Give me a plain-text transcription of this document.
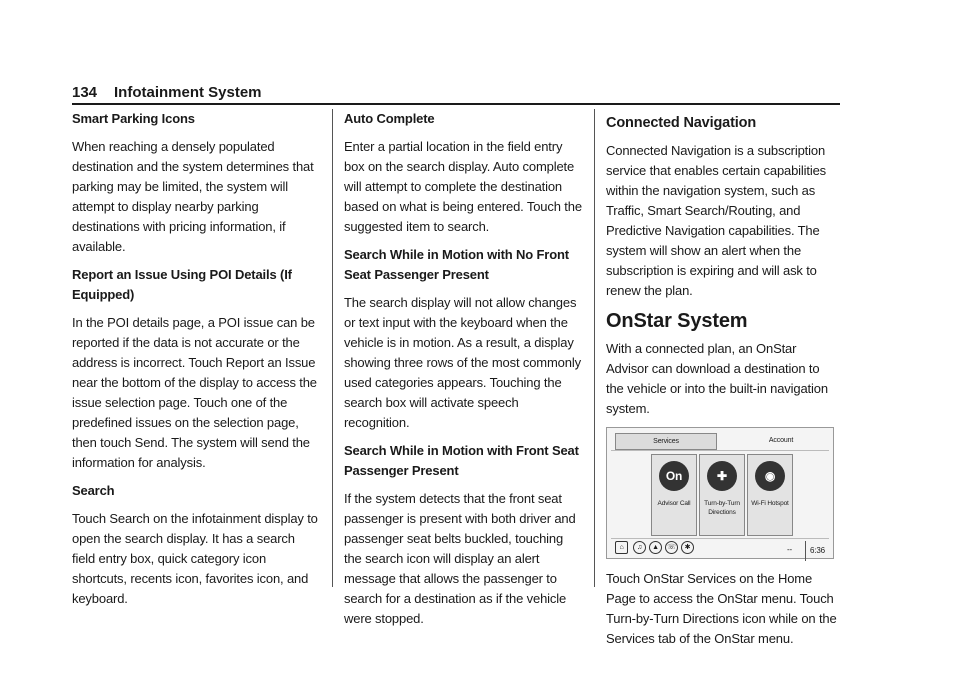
134 Infotainment System

Smart Parking Icons

When reaching a densely populated destination and the system determines that parking may be limited, the system will attempt to display nearby parking destinations with pricing information, if available.

Report an Issue Using POI Details (If Equipped)

In the POI details page, a POI issue can be reported if the data is not accurate or the address is incorrect. Touch Report an Issue near the bottom of the display to access the issue selection page. Touch one of the predefined issues on the selection page, then touch Send. The system will send the information for analysis.

Search

Touch Search on the infotainment display to open the search display. It has a search field entry box, quick category icon shortcuts, recents icon, favorites icon, and keyboard.

Auto Complete

Enter a partial location in the field entry box on the search display. Auto complete will attempt to complete the destination based on what is being entered. Touch the suggested item to search.

Search While in Motion with No Front Seat Passenger Present

The search display will not allow changes or text input with the keyboard when the vehicle is in motion. As a result, a display showing three rows of the most commonly used categories appears. Touching the search box will activate speech recognition.

Search While in Motion with Front Seat Passenger Present

If the system detects that the front seat passenger is present with both driver and passenger seat belts buckled, touching the search icon will display an alert message that allows the passenger to search for a destination as if the vehicle were stopped.

Connected Navigation

Connected Navigation is a subscription service that enables certain capabilities within the navigation system, such as Traffic, Smart Search/Routing, and Predictive Navigation capabilities. The system will show an alert when the subscription is expiring and will ask to renew the plan.

OnStar System

With a connected plan, an OnStar Advisor can download a destination to the vehicle or into the built-in navigation system.

Services	Account
On
Advisor Call
✚
Turn-by-Turn Directions
◉
Wi-Fi Hotspot
⌂	♫	▲	☏	✱	--	6:36

Touch OnStar Services on the Home Page to access the OnStar menu. Touch Turn-by-Turn Directions icon while on the Services tab of the OnStar menu.
